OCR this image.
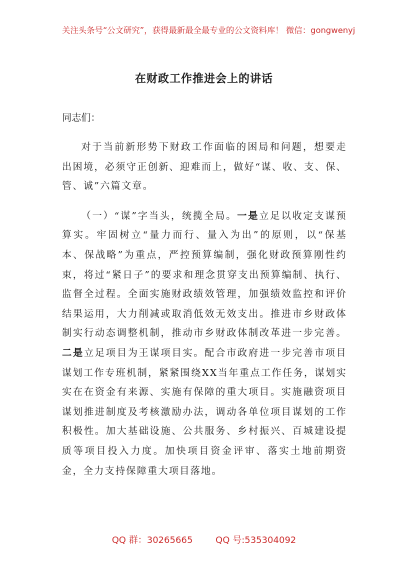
关注头条号“公文研究”，获得最新最全最专业的公文资料库！ 微信：gongwenyj
在财政工作推进会上的讲话
同志们：

对于当前新形势下财政工作面临的困局和问题，想要走出困境，必须守正创新、迎难而上，做好“谋、收、支、保、管、诚”六篇文章。

（一）“谋”字当头，统揽全局。一是立足以收定支谋预算实。牢固树立“量力而行、量入为出”的原则，以“保基本、保战略”为重点，严控预算编制，强化财政预算刚性约束，将过“紧日子”的要求和理念贯穿支出预算编制、执行、监督全过程。全面实施财政绩效管理，加强绩效监控和评价结果运用，大力削减或取消低效无效支出。推进市乡财政体制实行动态调整机制，推动市乡财政体制改革进一步完善。二是立足项目为王谋项目实。配合市政府进一步完善市项目谋划工作专班机制，紧紧围绕XX当年重点工作任务，谋划实实在在资金有来源、实施有保障的重大项目。实施融资项目谋划推进制度及考核激励办法，调动各单位项目谋划的工作积极性。加大基础设施、公共服务、乡村振兴、百城建设提质等项目投入力度。加快项目资金评审、落实土地前期资金，全力支持保障重大项目落地。

QQ 群：30265665	QQ 号:535304092
